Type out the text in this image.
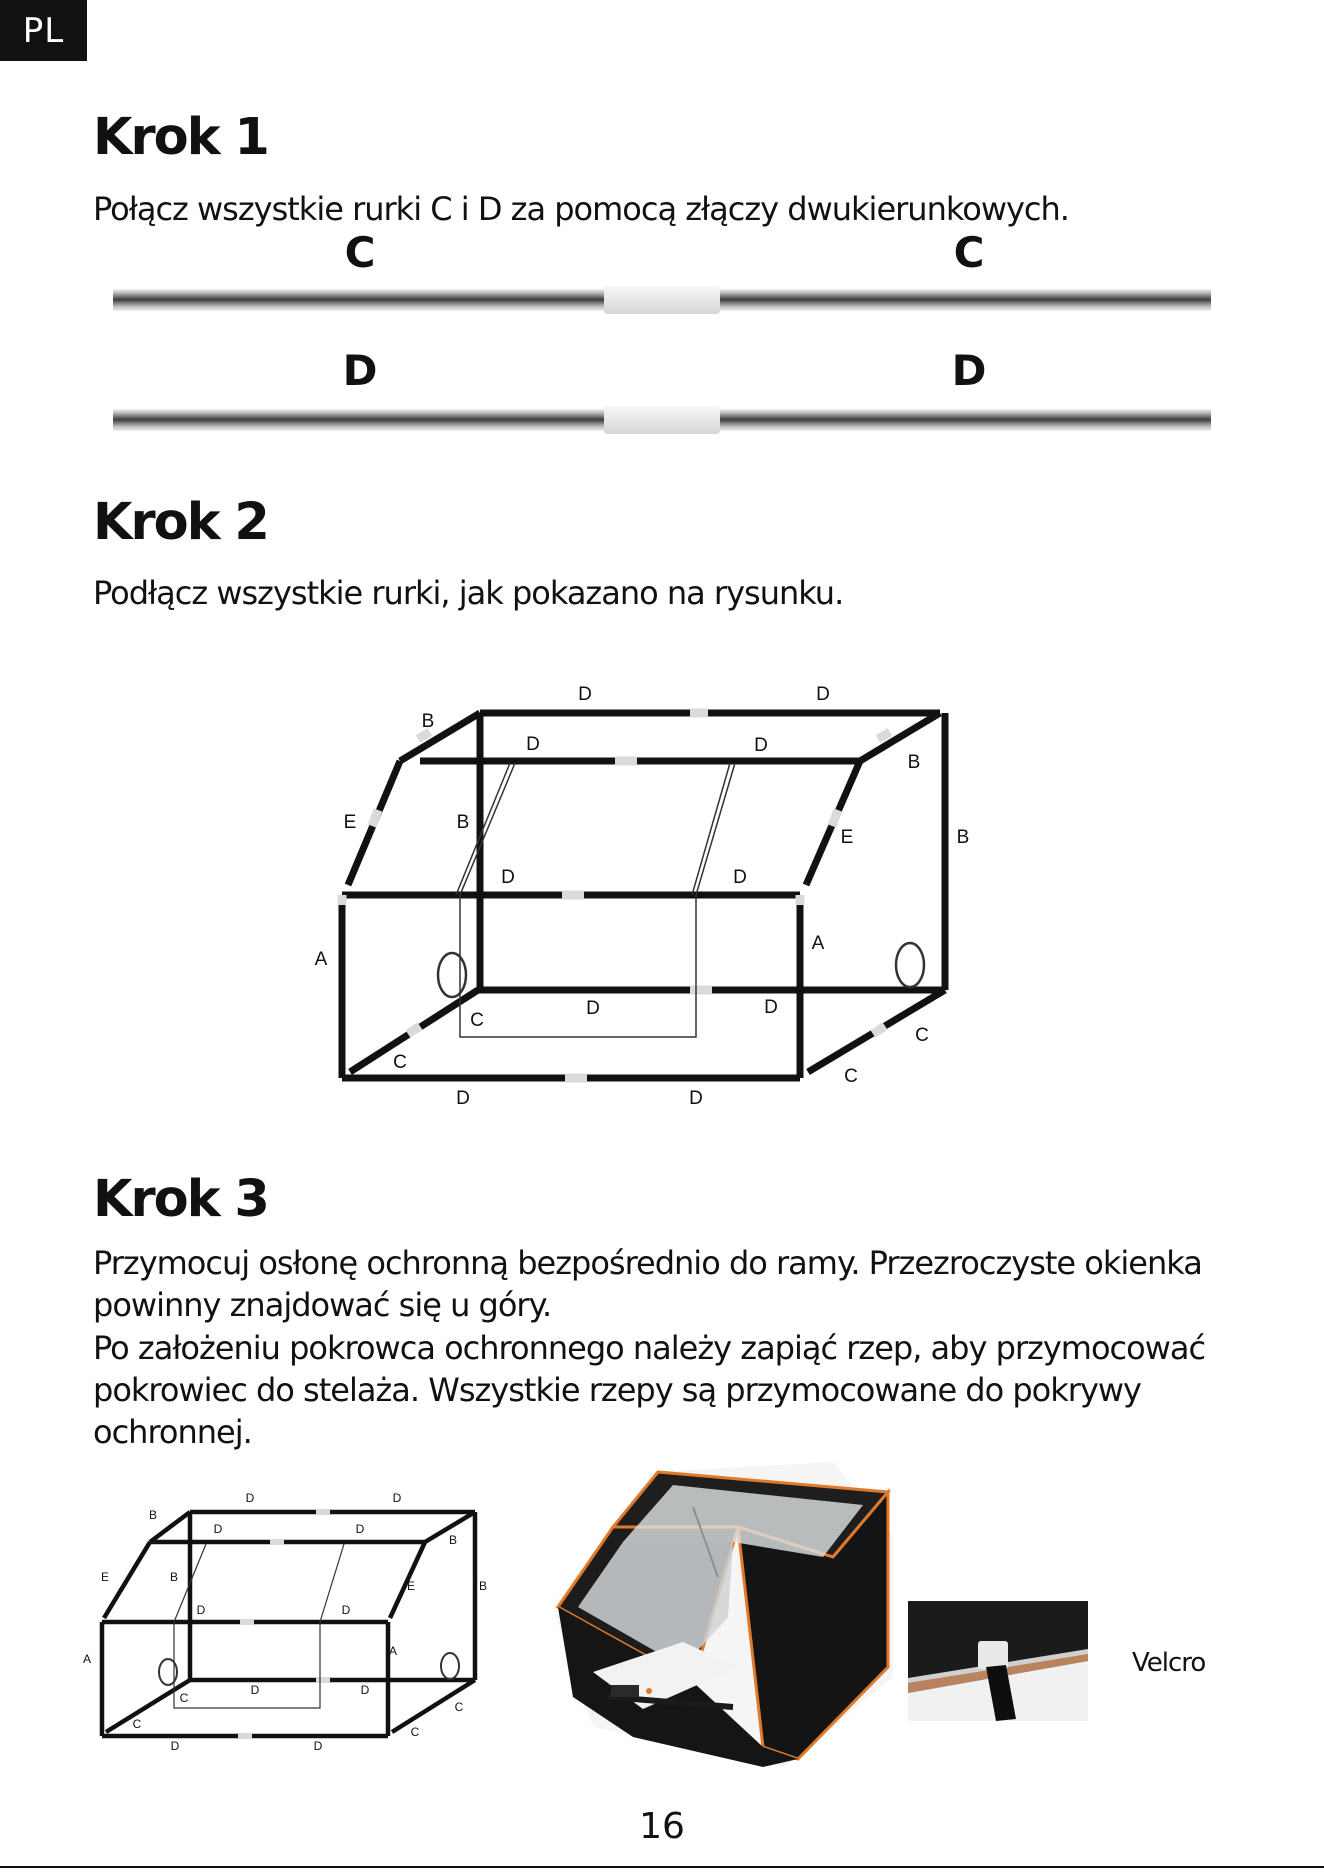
PL
Krok 1

Połącz wszystkie rurki C i D za pomocą złączy dwukierunkowych.

C	C
D	D
Krok 2

Podłącz wszystkie rurki, jak pokazano na rysunku.

D	D
B
B
D	D
E
E
B
B
D	D
A
A
D	D
C
C
C
C
D	D
Krok 3

Przymocuj osłonę ochronną bezpośrednio do ramy. Przezroczyste okienka powinny znajdować się u góry.

Po założeniu pokrowca ochronnego należy zapiąć rzep, aby przymocować pokrowiec do stelaża. Wszystkie rzepy są przymocowane do pokrywy ochronnej.

D	D
B
B
D	D
E
E
B
B
D	D
A
A
D	D
C
C
C
C
D	D
Velcro
16
